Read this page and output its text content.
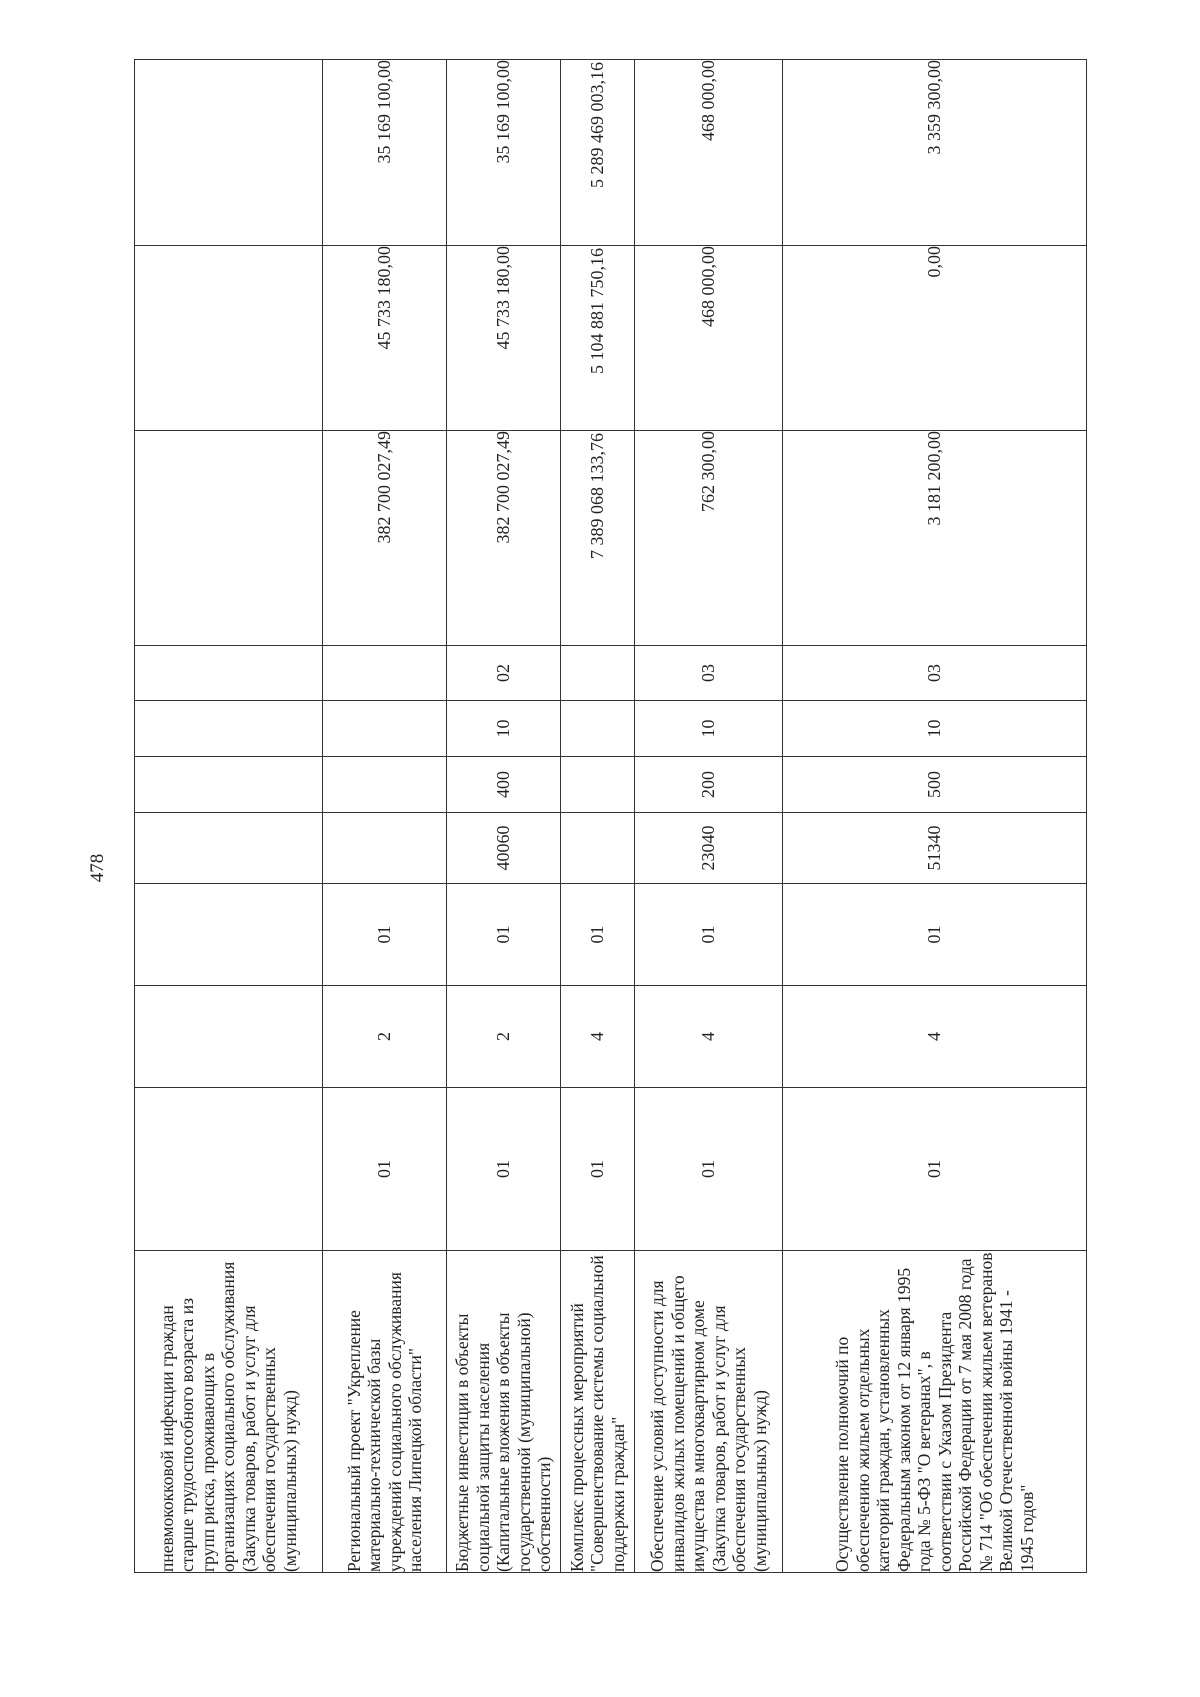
478
пневмококковой инфекции граждан старше трудоспособного возраста из групп риска, проживающих в организациях социального обслуживания (Закупка товаров, работ и услуг для обеспечения государственных (муниципальных) нужд)										
Региональный проект "Укрепление материально-технической базы учреждений социального обслуживания населения Липецкой области"	01	2	01					382 700 027,49	45 733 180,00	35 169 100,00
Бюджетные инвестиции в объекты социальной защиты населения (Капитальные вложения в объекты государственной (муниципальной) собственности)	01	2	01	40060	400	10	02	382 700 027,49	45 733 180,00	35 169 100,00
Комплекс процессных мероприятий "Совершенствование системы социальной поддержки граждан"	01	4	01					7 389 068 133,76	5 104 881 750,16	5 289 469 003,16
Обеспечение условий доступности для инвалидов жилых помещений и общего имущества в многоквартирном доме (Закупка товаров, работ и услуг для обеспечения государственных (муниципальных) нужд)	01	4	01	23040	200	10	03	762 300,00	468 000,00	468 000,00
Осуществление полномочий по обеспечению жильем отдельных категорий граждан, установленных Федеральным законом от 12 января 1995 года № 5-ФЗ "О ветеранах", в соответствии с Указом Президента Российской Федерации от 7 мая 2008 года № 714 "Об обеспечении жильем ветеранов Великой Отечественной войны 1941 - 1945 годов"	01	4	01	51340	500	10	03	3 181 200,00	0,00	3 359 300,00
